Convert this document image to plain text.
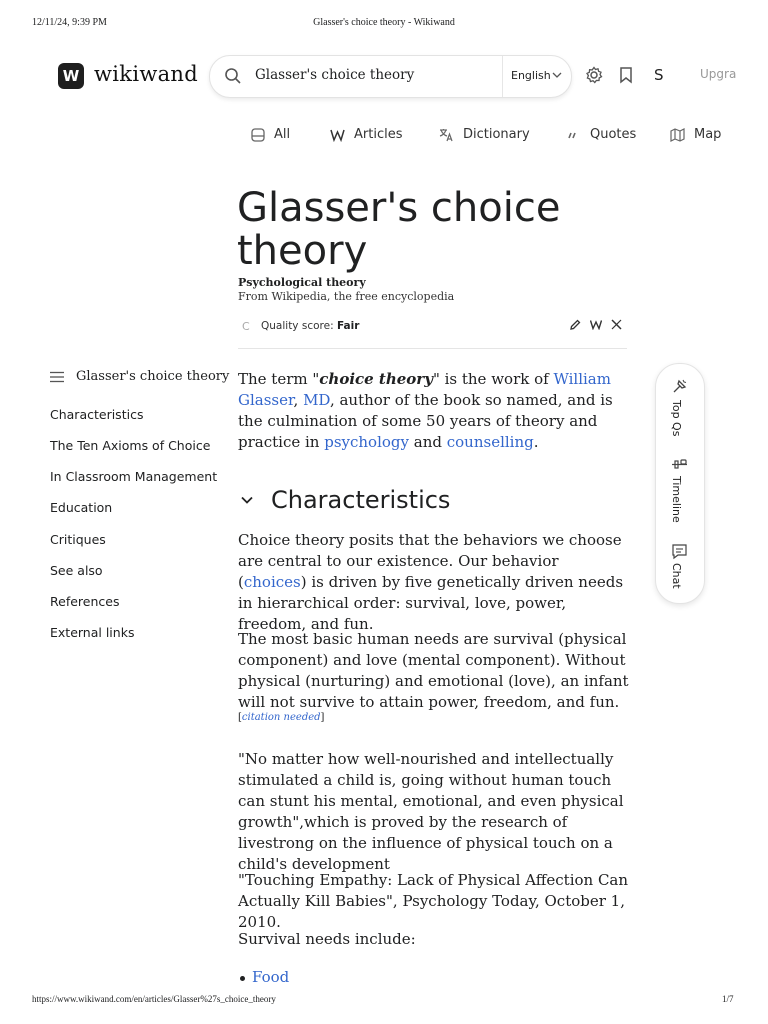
12/11/24, 9:39 PM	Glasser's choice theory - Wikiwand
W wikiwand	Glasser's choice theory	English	S	Upgra
All	Articles	Dictionary	Quotes	Map
Glasser's choice theory
Psychological theory
From Wikipedia, the free encyclopedia
C Quality score: Fair
Glasser's choice theory
Characteristics
The Ten Axioms of Choice
In Classroom Management
Education
Critiques
See also
References
External links
The term "choice theory" is the work of William Glasser, MD, author of the book so named, and is the culmination of some 50 years of theory and practice in psychology and counselling.
Characteristics
Choice theory posits that the behaviors we choose are central to our existence. Our behavior (choices) is driven by five genetically driven needs in hierarchical order: survival, love, power, freedom, and fun.
The most basic human needs are survival (physical component) and love (mental component). Without physical (nurturing) and emotional (love), an infant will not survive to attain power, freedom, and fun.
[citation needed]
"No matter how well-nourished and intellectually stimulated a child is, going without human touch can stunt his mental, emotional, and even physical growth",which is proved by the research of livestrong on the influence of physical touch on a child's development
"Touching Empathy: Lack of Physical Affection Can Actually Kill Babies", Psychology Today, October 1, 2010.
Survival needs include:
Food
Top Qs
Timeline
Chat
https://www.wikiwand.com/en/articles/Glasser%27s_choice_theory	1/7
